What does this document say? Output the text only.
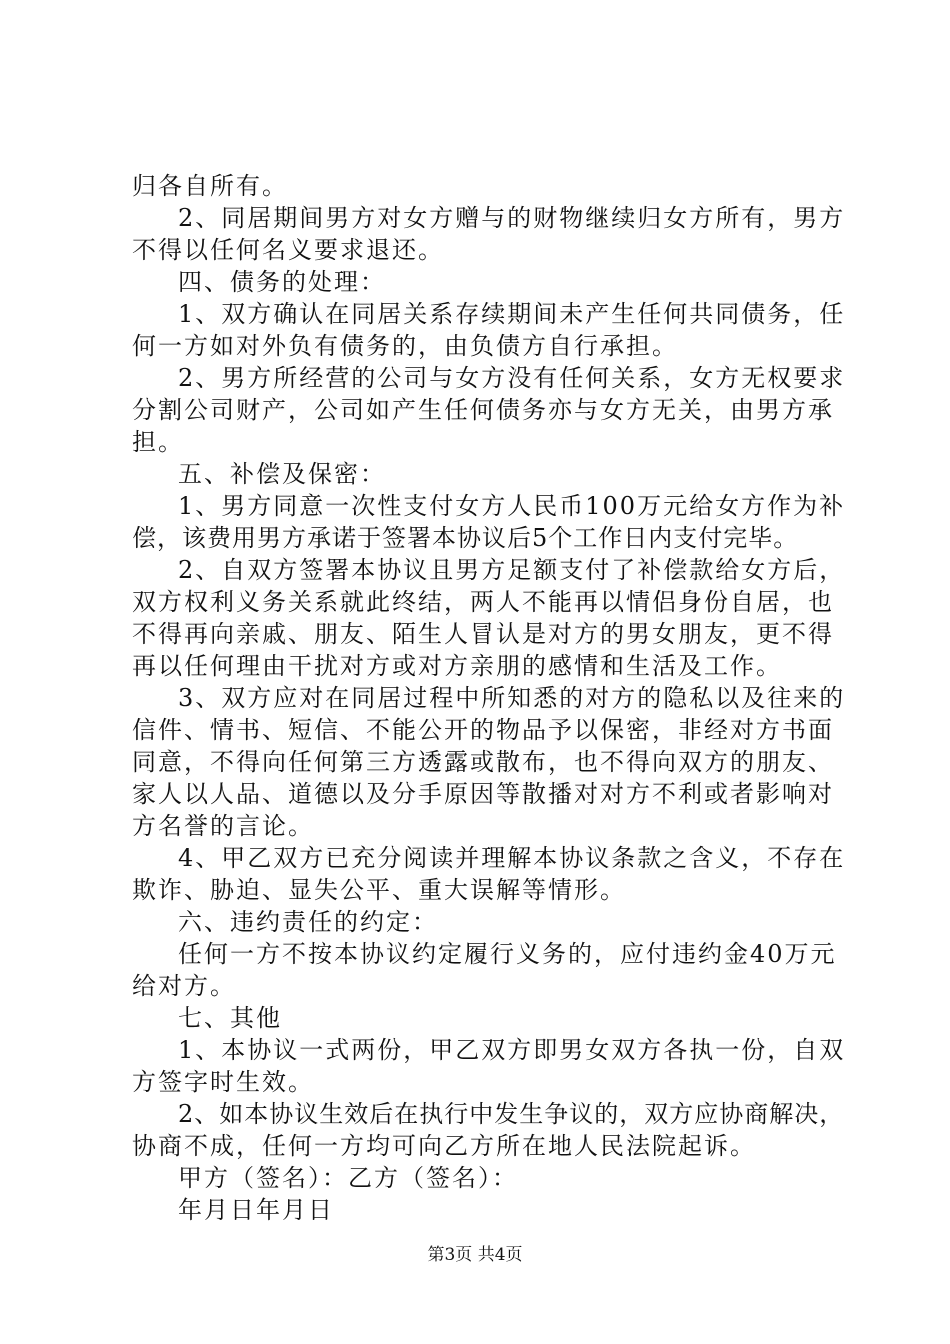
归各自所有。
2、同居期间男方对女方赠与的财物继续归女方所有，男方
不得以任何名义要求退还。
四、债务的处理：
1、双方确认在同居关系存续期间未产生任何共同债务，任
何一方如对外负有债务的，由负债方自行承担。
2、男方所经营的公司与女方没有任何关系，女方无权要求
分割公司财产，公司如产生任何债务亦与女方无关，由男方承
担。
五、补偿及保密：
1、男方同意一次性支付女方人民币100万元给女方作为补
偿，该费用男方承诺于签署本协议后5个工作日内支付完毕。
2、自双方签署本协议且男方足额支付了补偿款给女方后，
双方权利义务关系就此终结，两人不能再以情侣身份自居，也
不得再向亲戚、朋友、陌生人冒认是对方的男女朋友，更不得
再以任何理由干扰对方或对方亲朋的感情和生活及工作。
3、双方应对在同居过程中所知悉的对方的隐私以及往来的
信件、情书、短信、不能公开的物品予以保密，非经对方书面
同意，不得向任何第三方透露或散布，也不得向双方的朋友、
家人以人品、道德以及分手原因等散播对对方不利或者影响对
方名誉的言论。
4、甲乙双方已充分阅读并理解本协议条款之含义，不存在
欺诈、胁迫、显失公平、重大误解等情形。
六、违约责任的约定：
任何一方不按本协议约定履行义务的，应付违约金40万元
给对方。
七、其他
1、本协议一式两份，甲乙双方即男女双方各执一份，自双
方签字时生效。
2、如本协议生效后在执行中发生争议的，双方应协商解决，
协商不成，任何一方均可向乙方所在地人民法院起诉。
甲方（签名）：乙方（签名）：
年月日年月日
第3页 共4页
